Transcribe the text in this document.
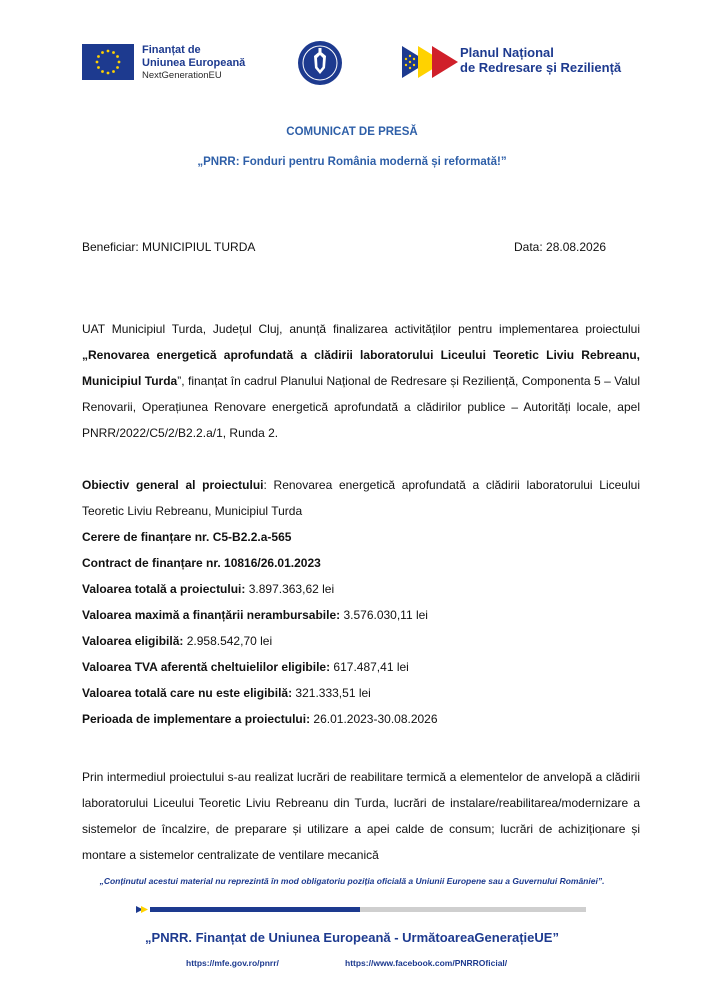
Finanțat de
Uniunea Europeană
NextGenerationEU
Planul Național
de Redresare și Reziliență
COMUNICAT DE PRESĂ
„PNRR: Fonduri pentru România modernă și reformată!”
Beneficiar: MUNICIPIUL TURDA	Data: 28.08.2026
UAT Municipiul Turda, Județul Cluj, anunță finalizarea activităților pentru implementarea proiectului „Renovarea energetică aprofundată a clădirii laboratorului Liceului Teoretic Liviu Rebreanu, Municipiul Turda”, finanțat în cadrul Planului Național de Redresare și Reziliență, Componenta 5 – Valul Renovarii, Operațiunea Renovare energetică aprofundată a clădirilor publice – Autorități locale, apel PNRR/2022/C5/2/B2.2.a/1, Runda 2.
Obiectiv general al proiectului: Renovarea energetică aprofundată a clădirii laboratorului Liceului Teoretic Liviu Rebreanu, Municipiul Turda
Cerere de finanțare nr. C5-B2.2.a-565
Contract de finanțare nr. 10816/26.01.2023
Valoarea totală a proiectului: 3.897.363,62 lei
Valoarea maximă a finanțării nerambursabile: 3.576.030,11 lei
Valoarea eligibilă: 2.958.542,70 lei
Valoarea TVA aferentă cheltuielilor eligibile: 617.487,41 lei
Valoarea totală care nu este eligibilă: 321.333,51 lei
Perioada de implementare a proiectului: 26.01.2023-30.08.2026
Prin intermediul proiectului s-au realizat lucrări de reabilitare termică a elementelor de anvelopă a clădirii laboratorului Liceului Teoretic Liviu Rebreanu din Turda, lucrări de instalare/reabilitarea/modernizare a sistemelor de încalzire, de preparare și utilizare a apei calde de consum; lucrări de achiziționare și montare a sistemelor centralizate de ventilare mecanică
„Conținutul acestui material nu reprezintă în mod obligatoriu poziția oficială a Uniunii Europene sau a Guvernului României”.
„PNRR. Finanțat de Uniunea Europeană - UrmătoareaGenerațieUE”
https://mfe.gov.ro/pnrr/	https://www.facebook.com/PNRROficial/
